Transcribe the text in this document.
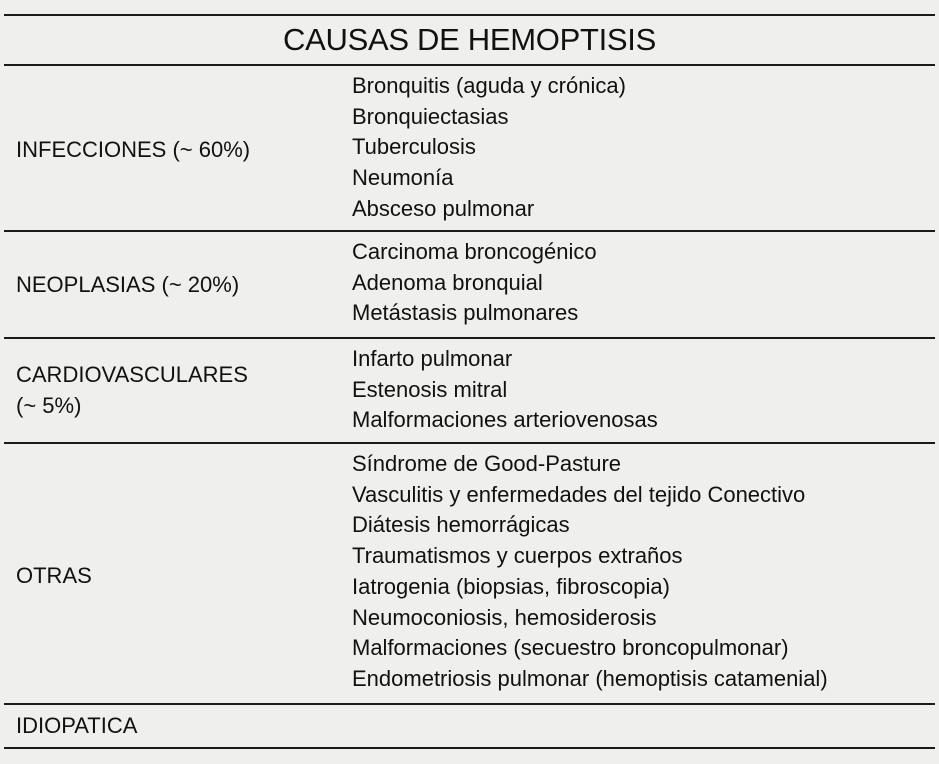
CAUSAS DE HEMOPTISIS
INFECCIONES (~ 60%)
Bronquitis (aguda y crónica)
Bronquiectasias
Tuberculosis
Neumonía
Absceso pulmonar
NEOPLASIAS (~ 20%)
Carcinoma broncogénico
Adenoma bronquial
Metástasis pulmonares
CARDIOVASCULARES
(~ 5%)
Infarto pulmonar
Estenosis mitral
Malformaciones arteriovenosas
OTRAS
Síndrome de Good-Pasture
Vasculitis y enfermedades del tejido Conectivo
Diátesis hemorrágicas
Traumatismos y cuerpos extraños
Iatrogenia (biopsias, fibroscopia)
Neumoconiosis, hemosiderosis
Malformaciones (secuestro broncopulmonar)
Endometriosis pulmonar (hemoptisis catamenial)
IDIOPATICA
